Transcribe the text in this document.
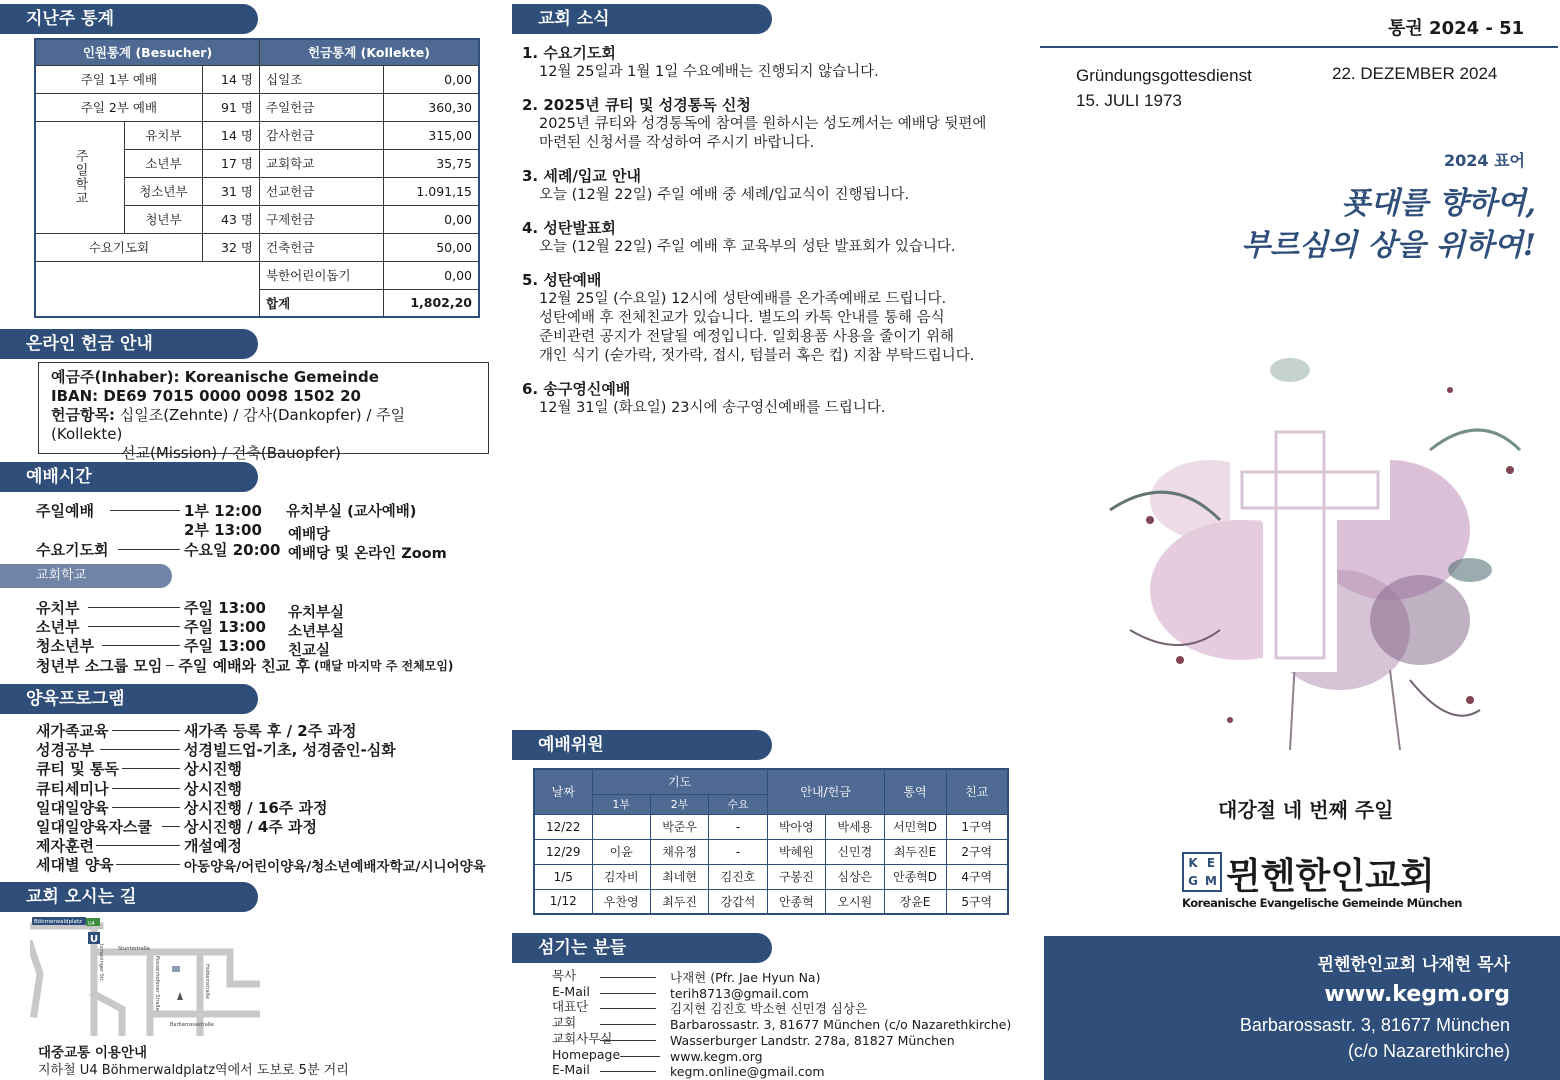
지난주 통계
인원통계 (Besucher)			헌금통계 (Kollekte)	
주일 1부 예배		14 명	십일조	0,00
주일 2부 예배		91 명	주일헌금	360,30
주일학교	유치부	14 명	감사헌금	315,00
	소년부	17 명	교회학교	35,75
	청소년부	31 명	선교헌금	1.091,15
	청년부	43 명	구제헌금	0,00
수요기도회		32 명	건축헌금	50,00
			북한어린이돕기	0,00
			합계	1,802,20
온라인 헌금 안내
예금주(Inhaber): Koreanische Gemeinde
IBAN: DE69 7015 0000 0098 1502 20
헌금항목: 십일조(Zehnte) / 감사(Dankopfer) / 주일(Kollekte)
선교(Mission) / 건축(Bauopfer)
예배시간
주일예배	1부 12:00	유치부실 (교사예배)
2부 13:00	예배당
수요기도회	수요일 20:00 예배당 및 온라인 Zoom
교회학교
유치부	주일 13:00	유치부실
소년부	주일 13:00	소년부실
청소년부	주일 13:00	친교실
청년부 소그룹 모임 주일 예배와 친교 후 (매달 마지막 주 전체모임)
양육프로그램
새가족교육	새가족 등록 후 / 2주 과정
성경공부	성경빌드업-기초, 성경줌인-심화
큐티 및 통독	상시진행
큐티세미나	상시진행
일대일양육	상시진행 / 16주 과정
일대일양육자스쿨	상시진행 / 4주 과정
제자훈련	개설예정
세대별 양육	아동양육/어린이양육/청소년예배자학교/시니어양육
교회 오시는 길
U
U4
Böhmerwaldplatz
Stuntzstraße
Barbarossastraße
Holbeinstraße
Possenhofener Straße
Ismaninger Str.
대중교통 이용안내
지하철 U4 Böhmerwaldplatz역에서 도보로 5분 거리
교회 소식
1. 수요기도회

12월 25일과 1월 1일 수요예배는 진행되지 않습니다.

2. 2025년 큐티 및 성경통독 신청

2025년 큐티와 성경통독에 참여를 원하시는 성도께서는 예배당 뒷편에

마련된 신청서를 작성하여 주시기 바랍니다.

3. 세례/입교 안내

오늘 (12월 22일) 주일 예배 중 세례/입교식이 진행됩니다.

4. 성탄발표회

오늘 (12월 22일) 주일 예배 후 교육부의 성탄 발표회가 있습니다.

5. 성탄예배

12월 25일 (수요일) 12시에 성탄예배를 온가족예배로 드립니다.

성탄예배 후 전체친교가 있습니다. 별도의 카톡 안내를 통해 음식

준비관련 공지가 전달될 예정입니다. 일회용품 사용을 줄이기 위해

개인 식기 (숟가락, 젓가락, 접시, 텀블러 혹은 컵) 지참 부탁드립니다.

6. 송구영신예배

12월 31일 (화요일) 23시에 송구영신예배를 드립니다.

예배위원
날짜	기도			안내/헌금		통역	친교
	1부	2부	수요				
12/22		박준우	-	박아영	박세용	서민혁D	1구역
12/29	이윤	채유정	-	박혜원	신민경	최두진E	2구역
1/5	김자비	최네현	김진호	구봉진	심상은	안종혁D	4구역
1/12	우찬영	최두진	강갑석	안종혁	오시원	장윤E	5구역
섬기는 분들
목사	나재현 (Pfr. Jae Hyun Na)
E-Mail	terih8713@gmail.com
대표단	김지현 김진호 박소현 신민경 심상은
교회	Barbarossastr. 3, 81677 München (c/o Nazarethkirche)
교회사무실	Wasserburger Landstr. 278a, 81827 München
Homepage	www.kegm.org
E-Mail	kegm.online@gmail.com
통권 2024 - 51
Gründungsgottesdienst
15. JULI 1973
22. DEZEMBER 2024
2024 표어
푯대를 향하여,
부르심의 상을 위하여!
대강절 네 번째 주일
K E
G M 뮌헨한인교회
Koreanische Evangelische Gemeinde München
뮌헨한인교회 나재현 목사
www.kegm.org
Barbarossastr. 3, 81677 München
(c/o Nazarethkirche)
